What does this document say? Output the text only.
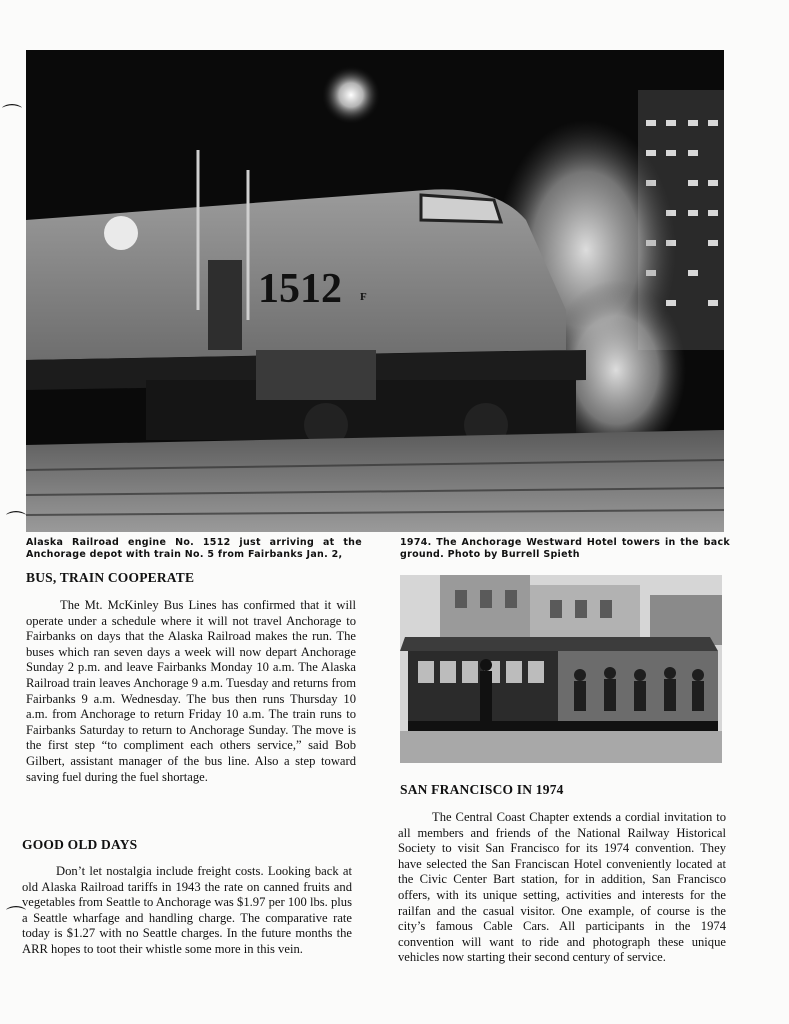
1512 F
Alaska Railroad engine No. 1512 just arriving at the Anchorage depot with train No. 5 from Fairbanks Jan. 2,
1974. The Anchorage Westward Hotel towers in the back ground. Photo by Burrell Spieth
BUS, TRAIN COOPERATE

The Mt. McKinley Bus Lines has confirmed that it will operate under a schedule where it will not travel Anchorage to Fairbanks on days that the Alaska Railroad makes the run. The buses which ran seven days a week will now depart Anchorage Sunday 2 p.m. and leave Fairbanks Monday 10 a.m. The Alaska Railroad train leaves Anchorage 9 a.m. Tuesday and returns from Fairbanks 9 a.m. Wednesday. The bus then runs Thursday 10 a.m. from Anchorage to return Friday 10 a.m. The train runs to Fairbanks Saturday to return to Anchorage Sunday. The move is the first step “to compliment each others service,” said Bob Gilbert, assistant manager of the bus line. Also a step toward saving fuel during the fuel shortage.

GOOD OLD DAYS

Don’t let nostalgia include freight costs. Looking back at old Alaska Railroad tariffs in 1943 the rate on canned fruits and vegetables from Seattle to Anchorage was $1.97 per 100 lbs. plus a Seattle wharfage and handling charge. The comparative rate today is $1.27 with no Seattle charges. In the future months the ARR hopes to toot their whistle some more in this vein.

SAN FRANCISCO IN 1974

The Central Coast Chapter extends a cordial invitation to all members and friends of the National Railway Historical Society to visit San Francisco for its 1974 convention. They have selected the San Franciscan Hotel conveniently located at the Civic Center Bart station, for in addition, San Francisco offers, with its unique setting, activities and interests for the railfan and the casual visitor. One example, of course is the city’s famous Cable Cars. All participants in the 1974 convention will want to ride and photograph these unique vehicles now starting their second century of service.

⌒
⌒
⌒
